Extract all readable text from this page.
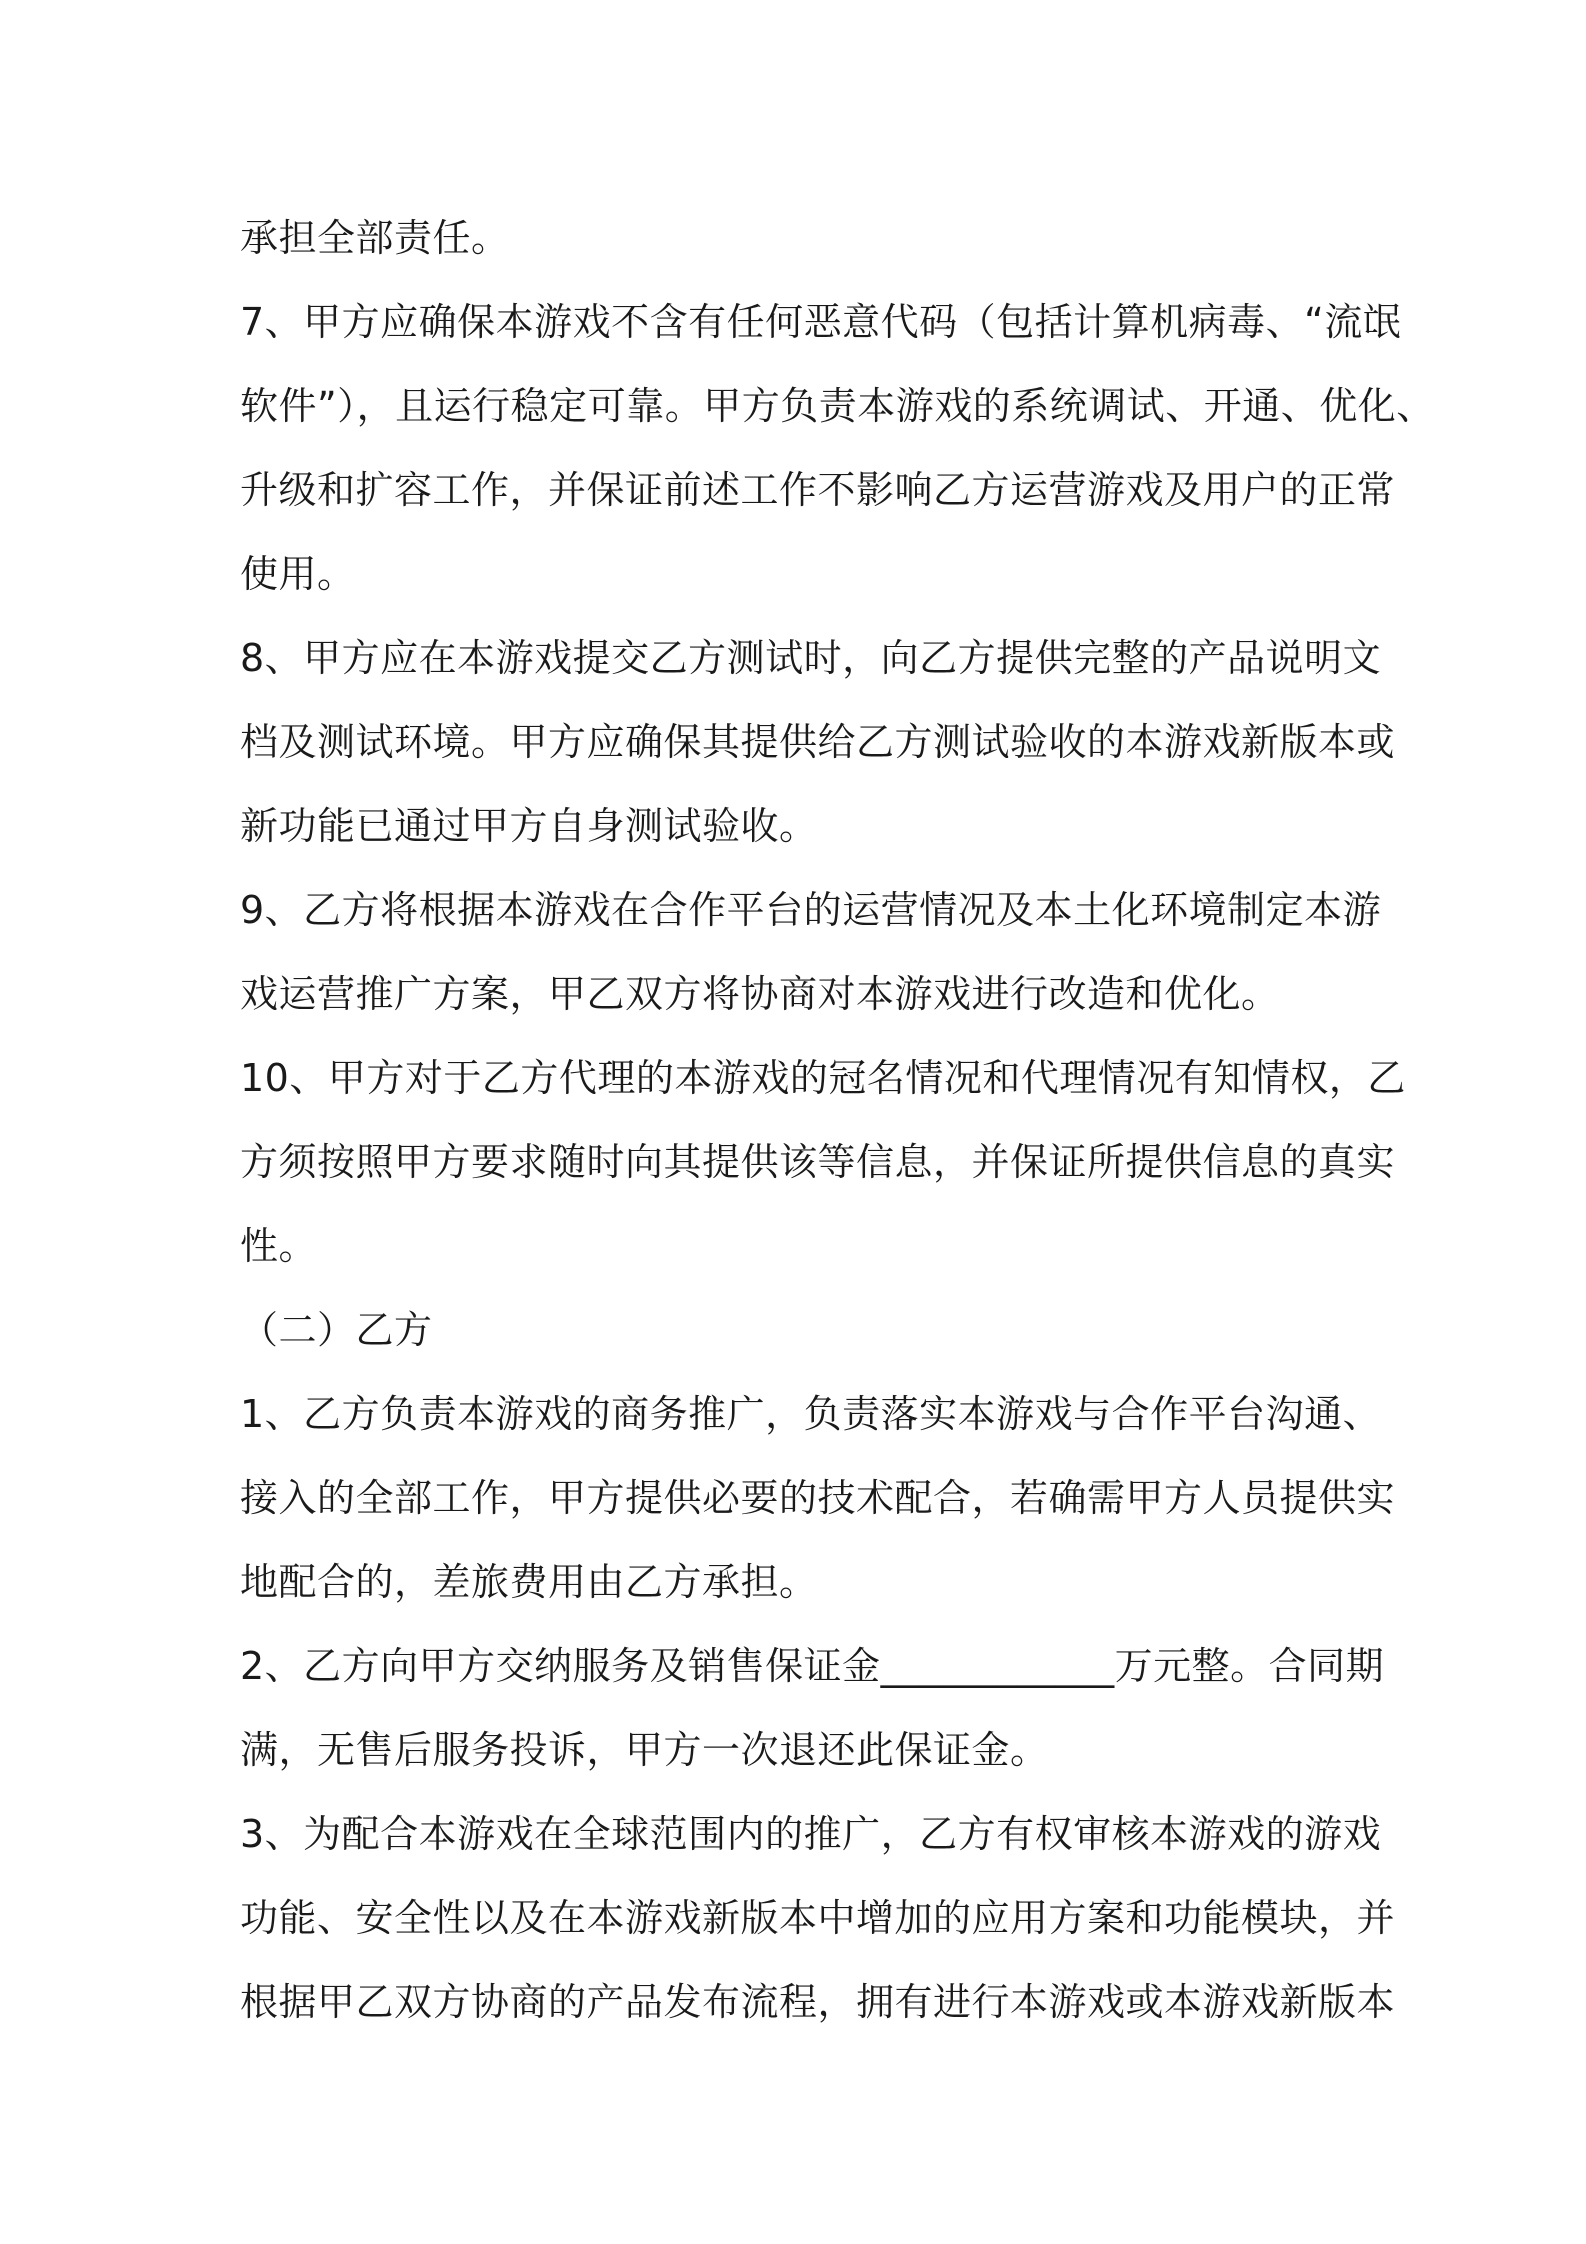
承担全部责任。
7、甲方应确保本游戏不含有任何恶意代码（包括计算机病毒、“流氓
软件”），且运行稳定可靠。甲方负责本游戏的系统调试、开通、优化、
升级和扩容工作，并保证前述工作不影响乙方运营游戏及用户的正常
使用。
8、甲方应在本游戏提交乙方测试时，向乙方提供完整的产品说明文
档及测试环境。甲方应确保其提供给乙方测试验收的本游戏新版本或
新功能已通过甲方自身测试验收。
9、乙方将根据本游戏在合作平台的运营情况及本土化环境制定本游
戏运营推广方案，甲乙双方将协商对本游戏进行改造和优化。
10、甲方对于乙方代理的本游戏的冠名情况和代理情况有知情权，乙
方须按照甲方要求随时向其提供该等信息，并保证所提供信息的真实
性。
（二）乙方
1、乙方负责本游戏的商务推广，负责落实本游戏与合作平台沟通、
接入的全部工作，甲方提供必要的技术配合，若确需甲方人员提供实
地配合的，差旅费用由乙方承担。
2、乙方向甲方交纳服务及销售保证金____________万元整。合同期
满，无售后服务投诉，甲方一次退还此保证金。
3、为配合本游戏在全球范围内的推广，乙方有权审核本游戏的游戏
功能、安全性以及在本游戏新版本中增加的应用方案和功能模块，并
根据甲乙双方协商的产品发布流程，拥有进行本游戏或本游戏新版本
